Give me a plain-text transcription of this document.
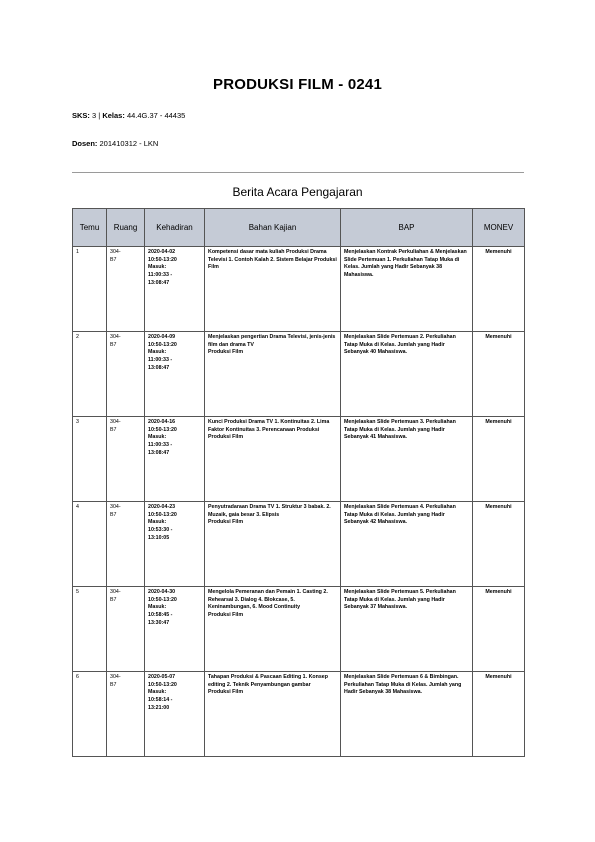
PRODUKSI FILM - 0241
SKS: 3 | Kelas: 44.4G.37 - 44435
Dosen: 201410312 - LKN
Berita Acara Pengajaran
Temu	Ruang	Kehadiran	Bahan Kajian	BAP	MONEV
1	304-
B7	2020-04-02
10:50-13:20
Masuk:
11:00:33 -
13:08:47	Kompetensi dasar mata kuliah Produksi Drama Televisi 1. Contoh Kalah 2. Sistem Belajar Produksi Film	Menjelaskan Kontrak Perkuliahan & Menjelaskan Slide Pertemuan 1. Perkuliahan Tatap Muka di Kelas. Jumlah yang Hadir Sebanyak 38 Mahasiswa.	Memenuhi
2	304-
B7	2020-04-09
10:50-13:20
Masuk:
11:00:33 -
13:08:47	Menjelaskan pengertian Drama Televisi, jenis-jenis film dan drama TV
Produksi Film	Menjelaskan Slide Pertemuan 2. Perkuliahan Tatap Muka di Kelas. Jumlah yang Hadir Sebanyak 40 Mahasiswa.	Memenuhi
3	304-
B7	2020-04-16
10:50-13:20
Masuk:
11:00:33 -
13:08:47	Kunci Produksi Drama TV 1. Kontinuitas 2. Lima Faktor Kontinuitas 3. Perencanaan Produksi
Produksi Film	Menjelaskan Slide Pertemuan 3. Perkuliahan Tatap Muka di Kelas. Jumlah yang Hadir Sebanyak 41 Mahasiswa.	Memenuhi
4	304-
B7	2020-04-23
10:50-13:20
Masuk:
10:53:30 -
13:10:05	Penyutradaraan Drama TV 1. Struktur 3 babak. 2. Muzaik, gaia besar 3. Elipsis
Produksi Film	Menjelaskan Slide Pertemuan 4. Perkuliahan Tatap Muka di Kelas. Jumlah yang Hadir Sebanyak 42 Mahasiswa.	Memenuhi
5	304-
B7	2020-04-30
10:50-13:20
Masuk:
10:58:45 -
13:30:47	Mengelola Pemeranan dan Pemain 1. Casting 2. Rehearsal 3. Dialog 4. Blokcase, 5. Keninambungan, 6. Mood Continuity
Produksi Film	Menjelaskan Slide Pertemuan 5. Perkuliahan Tatap Muka di Kelas. Jumlah yang Hadir Sebanyak 37 Mahasiswa.	Memenuhi
6	304-
B7	2020-05-07
10:50-13:20
Masuk:
10:58:14 -
13:21:00	Tahapan Produksi & Pascaan Editing 1. Konsep editing 2. Teknik Penyambungan gambar
Produksi Film	Menjelaskan Slide Pertemuan 6 & Bimbingan. Perkuliahan Tatap Muka di Kelas. Jumlah yang Hadir Sebanyak 38 Mahasiswa.	Memenuhi
